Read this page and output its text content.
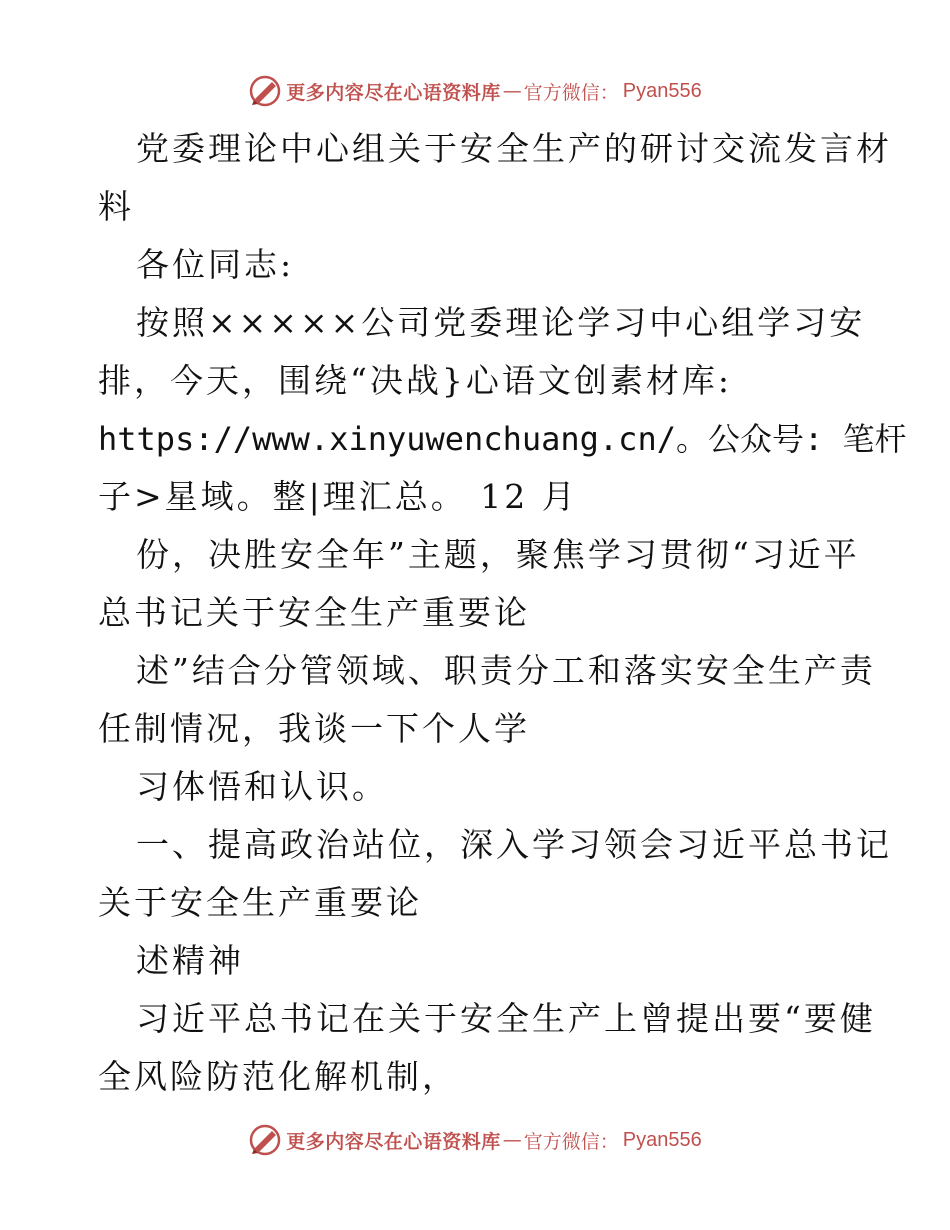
更多内容尽在心语资料库 — 官方微信： Pyan556

党委理论中心组关于安全生产的研讨交流发言材

料

各位同志:

按照×××××公司党委理论学习中心组学习安

排，今天，围绕“决战}心语文创素材库:

https://www.xinyuwenchuang.cn/。公众号: 笔杆

子>星域。整|理汇总。 12 月

份，决胜安全年”主题，聚焦学习贯彻“习近平

总书记关于安全生产重要论

述”结合分管领域、职责分工和落实安全生产责

任制情况，我谈一下个人学

习体悟和认识。

一、提高政治站位，深入学习领会习近平总书记

关于安全生产重要论

述精神

习近平总书记在关于安全生产上曾提出要“要健

全风险防范化解机制，

更多内容尽在心语资料库 — 官方微信： Pyan556
